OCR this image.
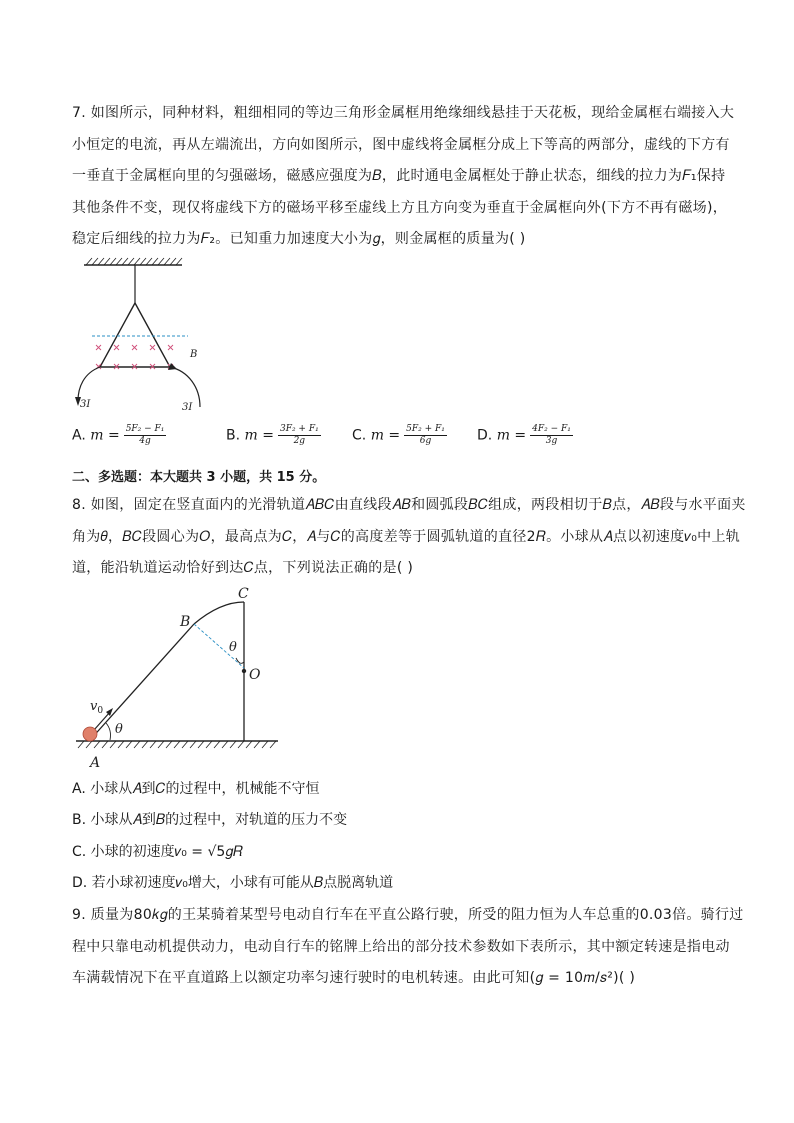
7. 如图所示，同种材料，粗细相同的等边三角形金属框用绝缘细线悬挂于天花板，现给金属框右端接入大
小恒定的电流，再从左端流出，方向如图所示，图中虚线将金属框分成上下等高的两部分，虚线的下方有
一垂直于金属框向里的匀强磁场，磁感应强度为𝐵，此时通电金属框处于静止状态，细线的拉力为𝐹₁保持
其他条件不变，现仅将虚线下方的磁场平移至虚线上方且方向变为垂直于金属框向外(下方不再有磁场)，
稳定后细线的拉力为𝐹₂。已知重力加速度大小为𝑔，则金属框的质量为( )

B
3I	3I
A. $m = \frac{\text{5F₂ − F₁}}{4g}$	B. $m = \frac{\text{3F₂ + F₁}}{2g} C$. $m = \frac{\text{5F₂ + F₁}}{6g} D$. $m = \frac{\text{4F₂ − F₁}}{3g}$
二、多选题：本大题共 3 小题，共 15 分。

8. 如图，固定在竖直面内的光滑轨道𝐴𝐵𝐶由直线段𝐴𝐵和圆弧段𝐵𝐶组成，两段相切于𝐵点，𝐴𝐵段与水平面夹
角为𝜃，𝐵𝐶段圆心为𝑂，最高点为𝐶，𝐴与𝐶的高度差等于圆弧轨道的直径2𝑅。小球从𝐴点以初速度𝑣₀中上轨
道，能沿轨道运动恰好到达𝐶点，下列说法正确的是( )

A
B
C
O
θ
θ
$v_0$
A. 小球从𝐴到𝐶的过程中，机械能不守恒
B. 小球从𝐴到𝐵的过程中，对轨道的压力不变
C. 小球的初速度𝑣₀ = √5𝑔𝑅
D. 若小球初速度𝑣₀增大，小球有可能从𝐵点脱离轨道

9. 质量为80𝑘𝑔的王某骑着某型号电动自行车在平直公路行驶，所受的阻力恒为人车总重的0.03倍。骑行过
程中只靠电动机提供动力，电动自行车的铭牌上给出的部分技术参数如下表所示，其中额定转速是指电动
车满载情况下在平直道路上以额定功率匀速行驶时的电机转速。由此可知(𝑔 = 10𝑚/𝑠²)( )
